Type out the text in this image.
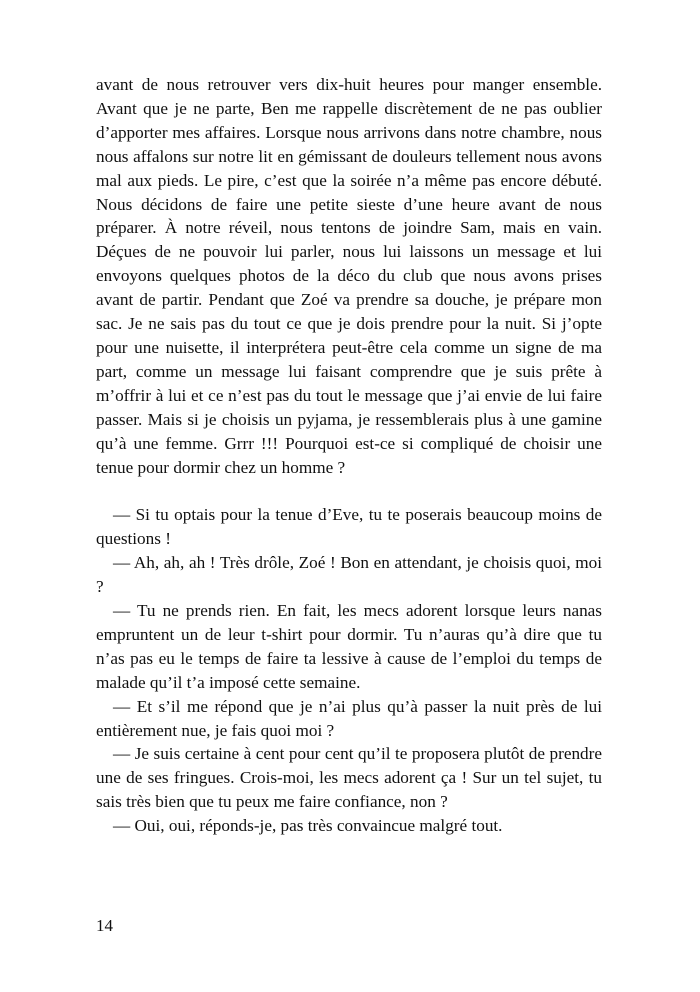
avant de nous retrouver vers dix-huit heures pour manger ensemble. Avant que je ne parte, Ben me rappelle discrètement de ne pas oublier d’apporter mes affaires. Lorsque nous arrivons dans notre chambre, nous nous affalons sur notre lit en gémissant de douleurs tellement nous avons mal aux pieds. Le pire, c’est que la soirée n’a même pas encore débuté. Nous décidons de faire une petite sieste d’une heure avant de nous préparer. À notre réveil, nous tentons de joindre Sam, mais en vain. Déçues de ne pouvoir lui parler, nous lui laissons un message et lui envoyons quelques photos de la déco du club que nous avons prises avant de partir. Pendant que Zoé va prendre sa douche, je prépare mon sac. Je ne sais pas du tout ce que je dois prendre pour la nuit. Si j’opte pour une nuisette, il interprétera peut-être cela comme un signe de ma part, comme un message lui faisant comprendre que je suis prête à m’offrir à lui et ce n’est pas du tout le message que j’ai envie de lui faire passer. Mais si je choisis un pyjama, je ressemblerais plus à une gamine qu’à une femme. Grrr !!! Pourquoi est-ce si compliqué de choisir une tenue pour dormir chez un homme ?

— Si tu optais pour la tenue d’Eve, tu te poserais beaucoup moins de questions !

— Ah, ah, ah ! Très drôle, Zoé ! Bon en attendant, je choisis quoi, moi ?

— Tu ne prends rien. En fait, les mecs adorent lorsque leurs nanas empruntent un de leur t-shirt pour dormir. Tu n’auras qu’à dire que tu n’as pas eu le temps de faire ta lessive à cause de l’emploi du temps de malade qu’il t’a imposé cette semaine.

— Et s’il me répond que je n’ai plus qu’à passer la nuit près de lui entièrement nue, je fais quoi moi ?

— Je suis certaine à cent pour cent qu’il te proposera plutôt de prendre une de ses fringues. Crois-moi, les mecs adorent ça ! Sur un tel sujet, tu sais très bien que tu peux me faire confiance, non ?

— Oui, oui, réponds-je, pas très convaincue malgré tout.

14
